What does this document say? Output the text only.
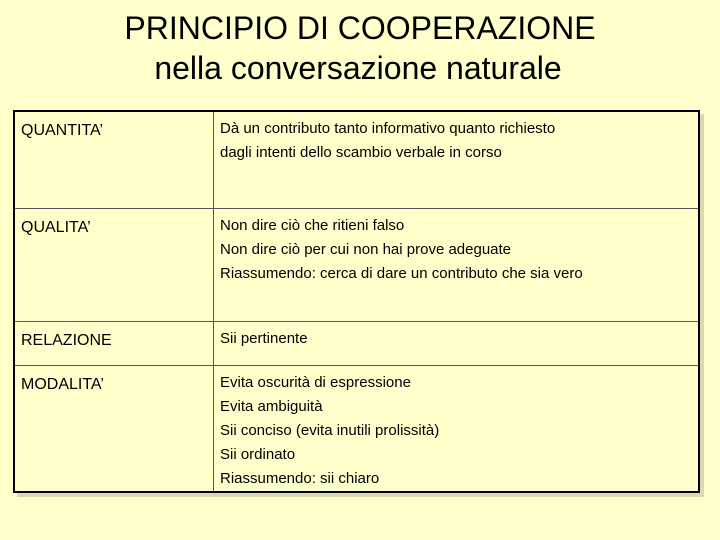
PRINCIPIO DI COOPERAZIONE
nella conversazione naturale
QUANTITA’	Dà un contributo tanto informativo quanto richiesto
dagli intenti dello scambio verbale in corso

QUALITA’	Non dire ciò che ritieni falso
Non dire ciò per cui non hai prove adeguate
Riassumendo: cerca di dare un contributo che sia vero

RELAZIONE	Sii pertinente

MODALITA’	Evita oscurità di espressione
Evita ambiguità
Sii conciso (evita inutili prolissità)
Sii ordinato
Riassumendo: sii chiaro
